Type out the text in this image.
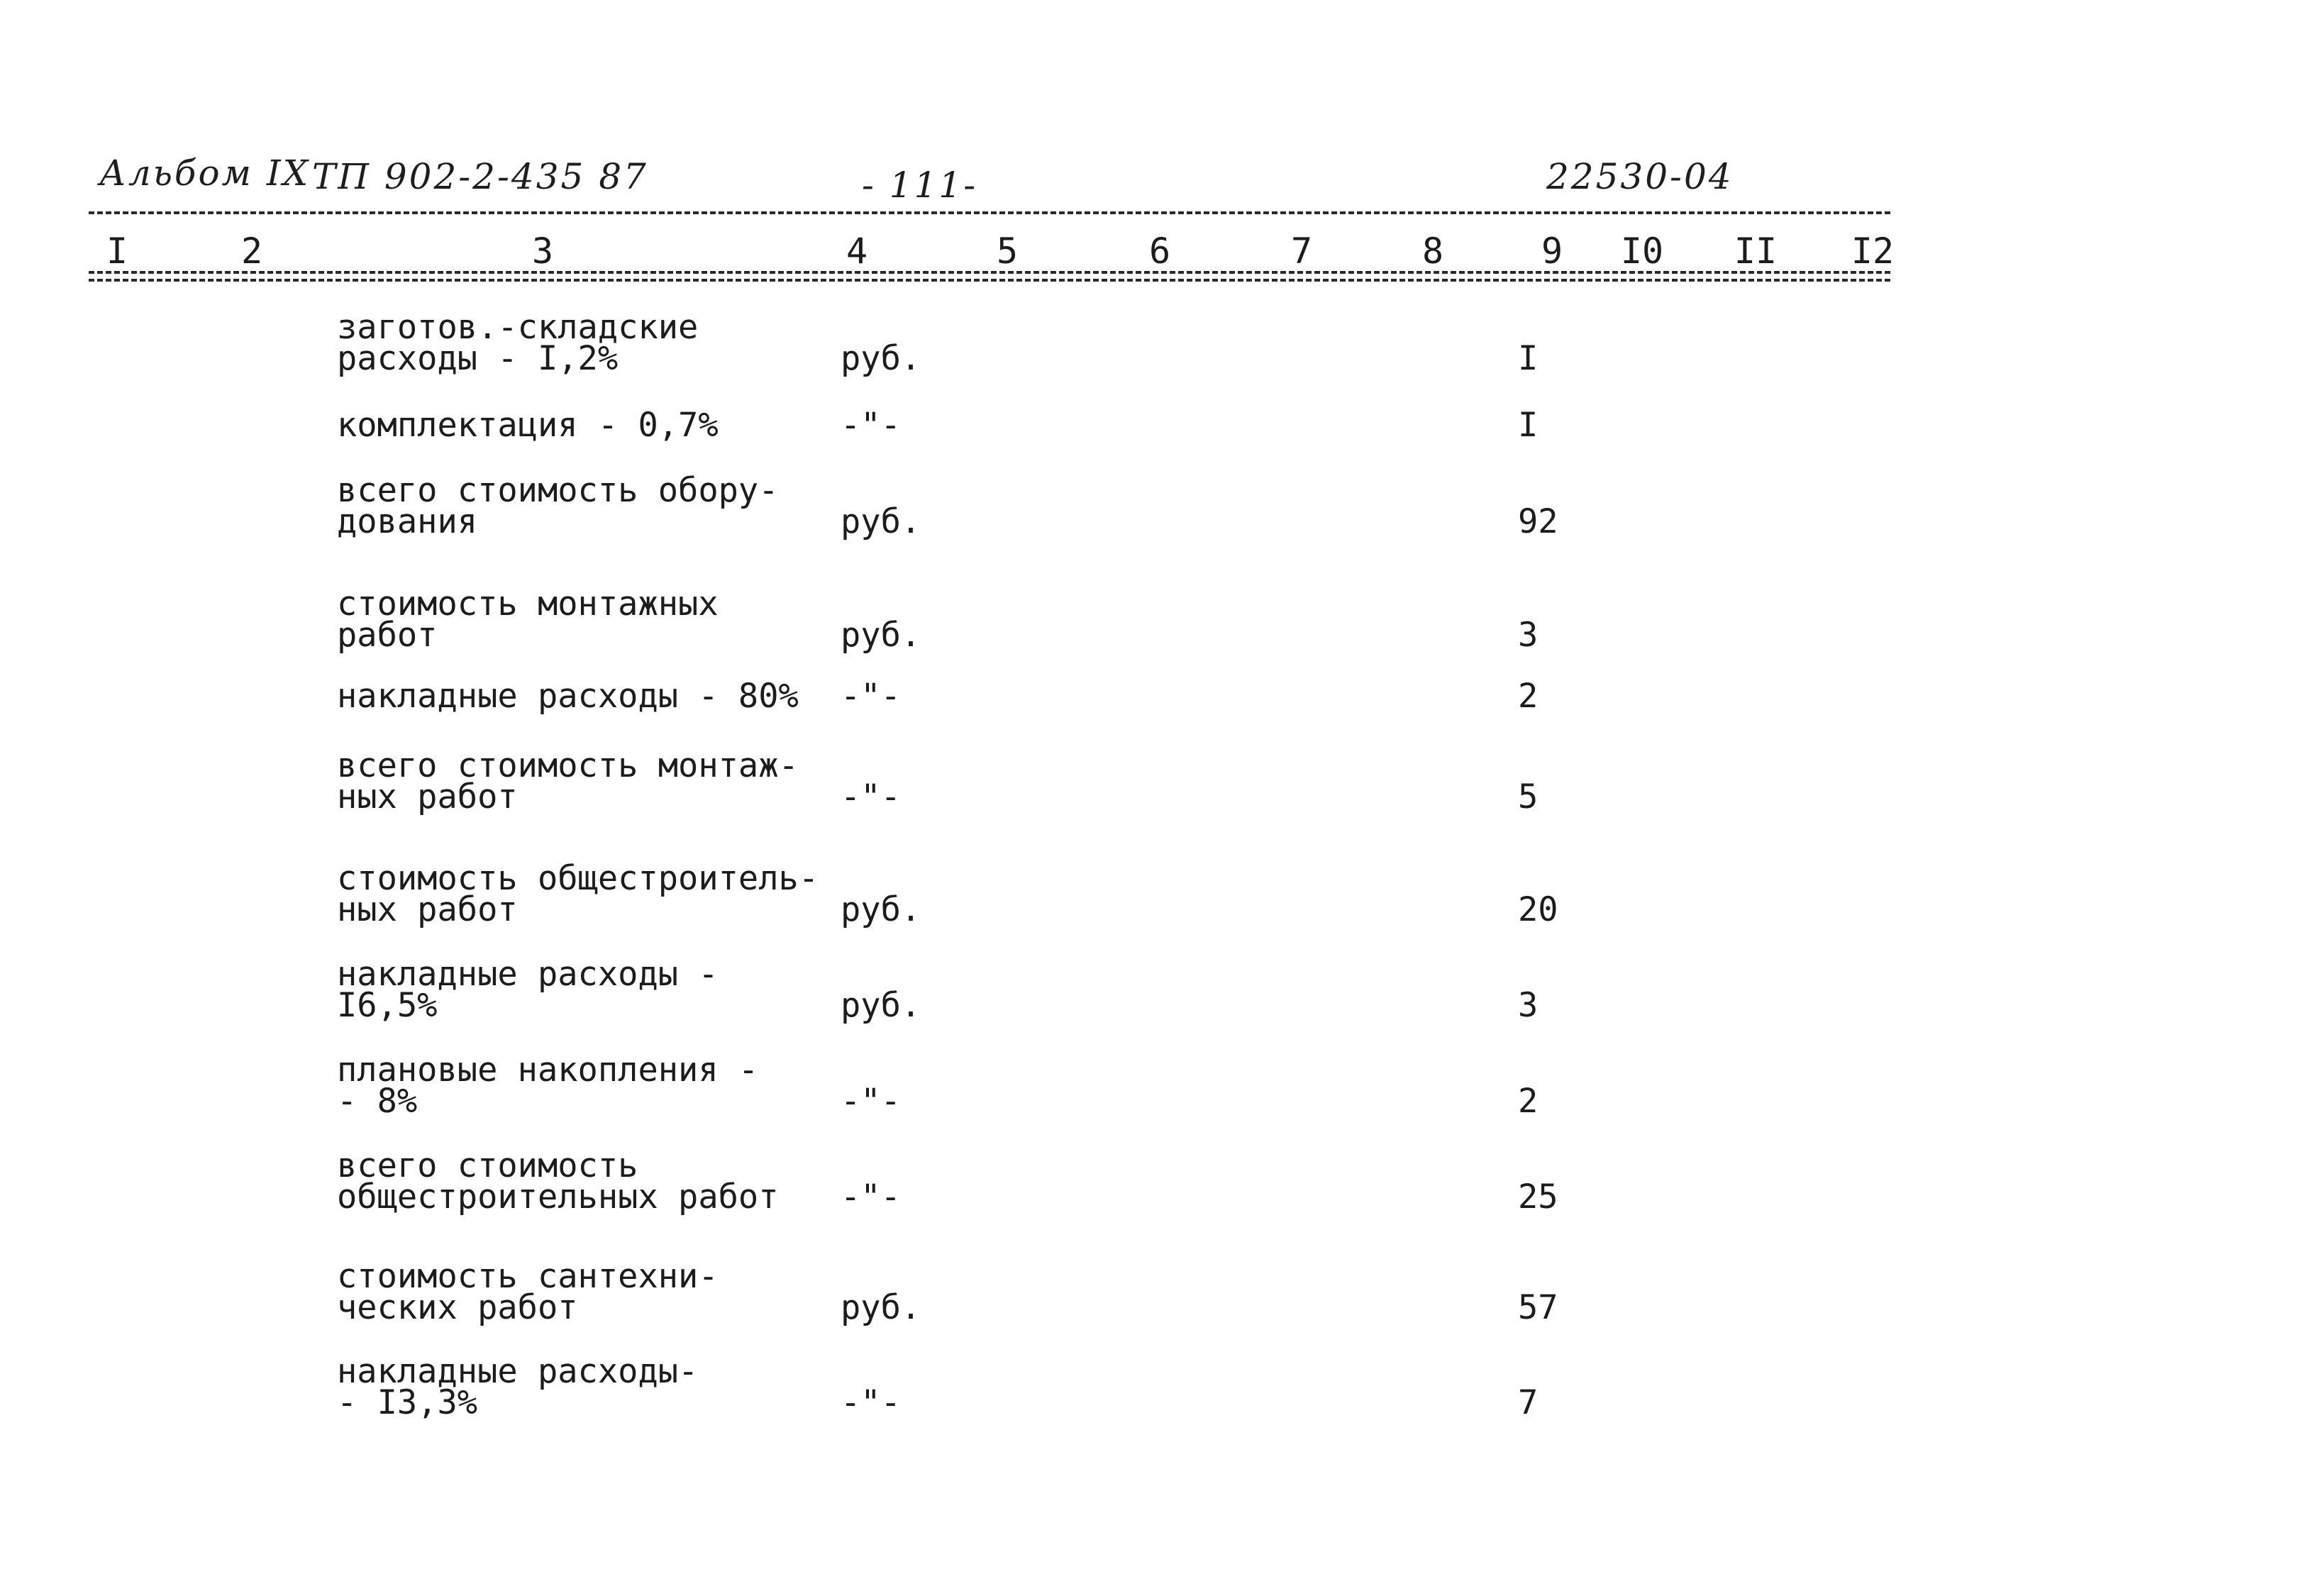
Альбом IX ТП 902-2-435 87	- 111-	22530-04
I	2	3	4	5	6	7	8	9 I0 II I2
заготов.-складские
расходы - I,2%	руб.	I
комплектация - 0,7%	-"-	I
всего стоимость обору-
дования	руб.	92
стоимость монтажных
работ	руб.	3
накладные расходы - 80%	-"-	2
всего стоимость монтаж-
ных работ	-"-	5
стоимость общестроитель-
ных работ	руб.	20
накладные расходы -
I6,5%	руб.	3
плановые накопления -
- 8%	-"-	2
всего стоимость
общестроительных работ	-"-	25
стоимость сантехни-
ческих работ	руб.	57
накладные расходы-
- I3,3%	-"-	7
